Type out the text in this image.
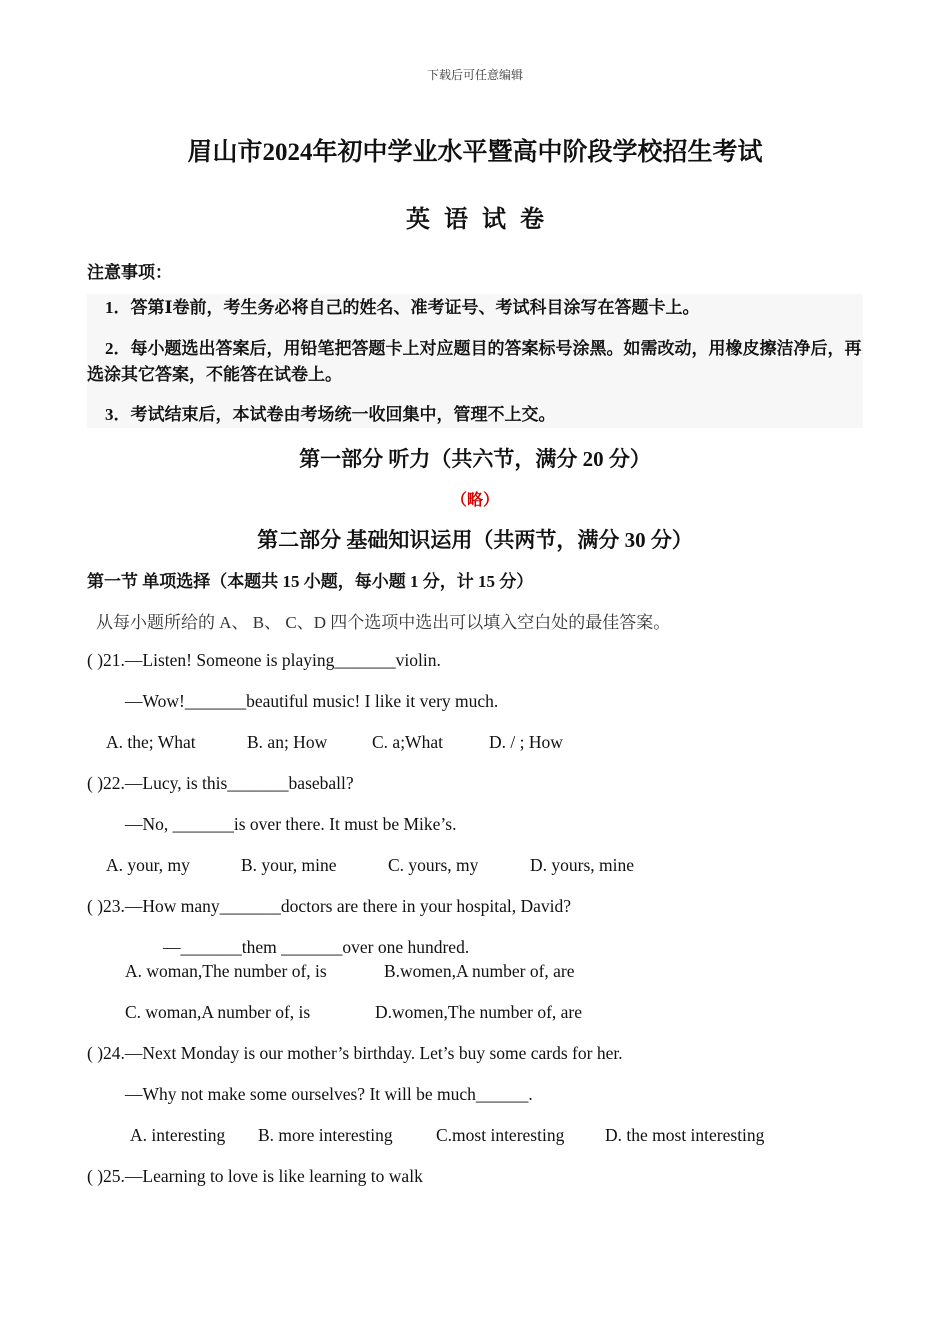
下载后可任意编辑
眉山市2024年初中学业水平暨高中阶段学校招生考试
英语试卷
注意事项：
1．答第Ⅰ卷前，考生务必将自己的姓名、准考证号、考试科目涂写在答题卡上。
2．每小题选出答案后，用铅笔把答题卡上对应题目的答案标号涂黑。如需改动，用橡皮擦洁净后，再选涂其它答案，不能答在试卷上。
3．考试结束后，本试卷由考场统一收回集中，管理不上交。
第一部分 听力（共六节，满分 20 分）
（略）
第二部分 基础知识运用（共两节，满分 30 分）
第一节 单项选择（本题共 15 小题，每小题 1 分，计 15 分）
从每小题所给的 A、 B、 C、D 四个选项中选出可以填入空白处的最佳答案。
( )21.—Listen! Someone is playing_______violin.
—Wow!_______beautiful music! I like it very much.
A. the; What	B. an; How	C. a;What	D. / ; How
( )22.—Lucy, is this_______baseball?
—No, _______is over there. It must be Mike’s.
A. your, my	B. your, mine	C. yours, my	D. yours, mine
( )23.—How many_______doctors are there in your hospital, David?
—_______them _______over one hundred.
A. woman,The number of, is	B.women,A number of, are
C. woman,A number of, is	D.women,The number of, are
( )24.—Next Monday is our mother’s birthday. Let’s buy some cards for her.
—Why not make some ourselves? It will be much______.
A. interesting B. more interesting C.most interesting D. the most interesting
( )25.—Learning to love is like learning to walk
